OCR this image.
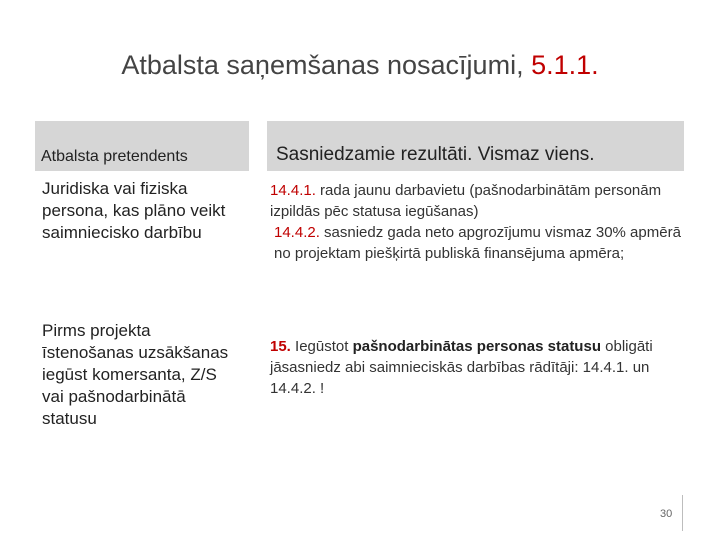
Atbalsta saņemšanas nosacījumi, 5.1.1.
Atbalsta pretendents	Sasniedzamie rezultāti. Vismaz viens.
Juridiska vai fiziska persona, kas plāno veikt saimniecisko darbību

14.4.1. rada jaunu darbavietu (pašnodarbinātām personām izpildās pēc statusa iegūšanas)

14.4.2. sasniedz gada neto apgrozījumu vismaz 30% apmērā no projektam piešķirtā publiskā finansējuma apmēra;

Pirms projekta īstenošanas uzsākšanas iegūst komersanta, Z/S vai pašnodarbinātā statusu
15. Iegūstot pašnodarbinātas personas statusu obligāti jāsasniedz abi saimnieciskās darbības rādītāji: 14.4.1. un 14.4.2. !
30
